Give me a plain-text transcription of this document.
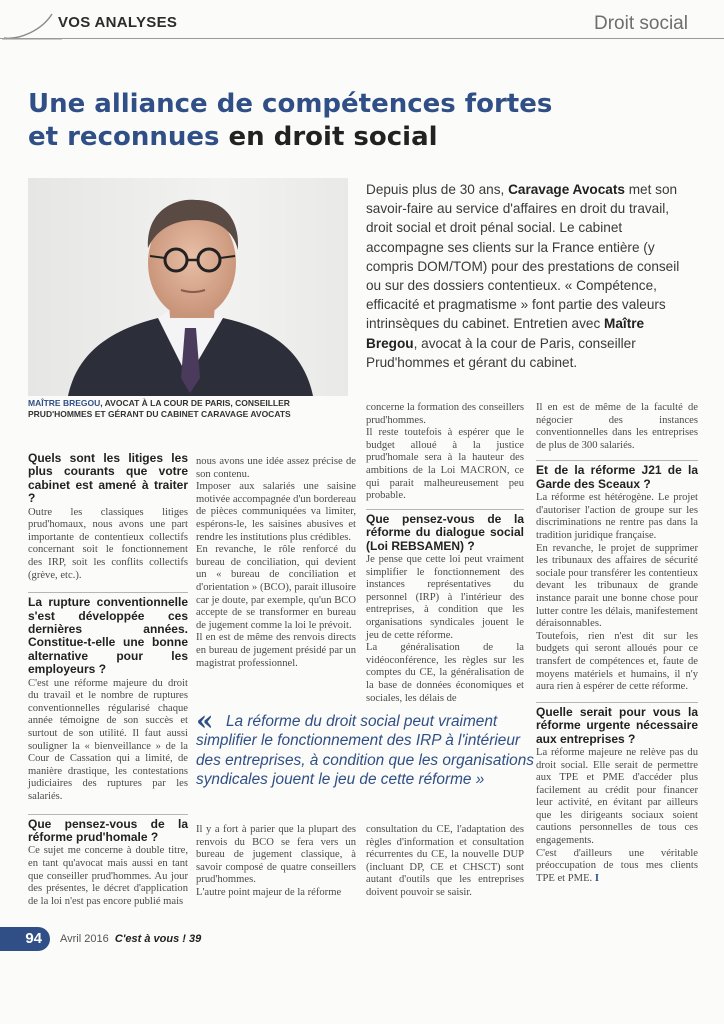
VOS ANALYSES	Droit social
Une alliance de compétences fortes
et reconnues en droit social
MAÎTRE BREGOU, AVOCAT À LA COUR DE PARIS, CONSEILLER PRUD'HOMMES ET GÉRANT DU CABINET CARAVAGE AVOCATS
Depuis plus de 30 ans, Caravage Avocats met son savoir-faire au service d'affaires en droit du travail, droit social et droit pénal social. Le cabinet accompagne ses clients sur la France entière (y compris DOM/TOM) pour des prestations de conseil ou sur des dossiers contentieux. « Compétence, efficacité et pragmatisme » font partie des valeurs intrinsèques du cabinet. Entretien avec Maître Bregou, avocat à la cour de Paris, conseiller Prud'hommes et gérant du cabinet.
Quels sont les litiges les plus courants que votre cabinet est amené à traiter ?

Outre les classiques litiges prud'homaux, nous avons une part importante de contentieux collectifs concernant soit le fonctionnement des IRP, soit les conflits collectifs (grève, etc.).

La rupture conventionnelle s'est développée ces dernières années. Constitue-t-elle une bonne alternative pour les employeurs ?

C'est une réforme majeure du droit du travail et le nombre de ruptures conventionnelles régularisé chaque année témoigne de son succès et surtout de son utilité. Il faut aussi souligner la « bienveillance » de la Cour de Cassation qui a limité, de manière drastique, les contestations judiciaires des ruptures par les salariés.

Que pensez-vous de la réforme prud'homale ?

Ce sujet me concerne à double titre, en tant qu'avocat mais aussi en tant que conseiller prud'hommes. Au jour des présentes, le décret d'application de la loi n'est pas encore publié mais

nous avons une idée assez précise de son contenu.

Imposer aux salariés une saisine motivée accompagnée d'un bordereau de pièces communiquées va limiter, espérons-le, les saisines abusives et rendre les institutions plus crédibles.

En revanche, le rôle renforcé du bureau de conciliation, qui devient un « bureau de conciliation et d'orientation » (BCO), parait illusoire car je doute, par exemple, qu'un BCO accepte de se transformer en bureau de jugement comme la loi le prévoit.

Il en est de même des renvois directs en bureau de jugement présidé par un magistrat professionnel.

Il y a fort à parier que la plupart des renvois du BCO se fera vers un bureau de jugement classique, à savoir composé de quatre conseillers prud'hommes.

L'autre point majeur de la réforme

concerne la formation des conseillers prud'hommes.

Il reste toutefois à espérer que le budget alloué à la justice prud'homale sera à la hauteur des ambitions de la Loi MACRON, ce qui parait malheureusement peu probable.

Que pensez-vous de la réforme du dialogue social (Loi REBSAMEN) ?

Je pense que cette loi peut vraiment simplifier le fonctionnement des instances représentatives du personnel (IRP) à l'intérieur des entreprises, à condition que les organisations syndicales jouent le jeu de cette réforme.

La généralisation de la vidéoconférence, les règles sur les comptes du CE, la généralisation de la base de données économiques et sociales, les délais de

consultation du CE, l'adaptation des règles d'information et consultation récurrentes du CE, la nouvelle DUP (incluant DP, CE et CHSCT) sont autant d'outils que les entreprises doivent pouvoir se saisir.

Il en est de même de la faculté de négocier des instances conventionnelles dans les entreprises de plus de 300 salariés.

Et de la réforme J21 de la Garde des Sceaux ?

La réforme est hétérogène. Le projet d'autoriser l'action de groupe sur les discriminations ne rentre pas dans la tradition juridique française.

En revanche, le projet de supprimer les tribunaux des affaires de sécurité sociale pour transférer les contentieux devant les tribunaux de grande instance parait une bonne chose pour lutter contre les délais, manifestement déraisonnables.

Toutefois, rien n'est dit sur les budgets qui seront alloués pour ce transfert de compétences et, faute de moyens matériels et humains, il n'y aura rien à espérer de cette réforme.

Quelle serait pour vous la réforme urgente nécessaire aux entreprises ?

La réforme majeure ne relève pas du droit social. Elle serait de permettre aux TPE et PME d'accéder plus facilement au crédit pour financer leur activité, en évitant par ailleurs que les dirigeants sociaux soient cautions personnelles de tous ces engagements.

C'est d'ailleurs une véritable préoccupation de tous mes clients TPE et PME. I

« La réforme du droit social peut vraiment simplifier le fonctionnement des IRP à l'intérieur des entreprises, à condition que les organisations syndicales jouent le jeu de cette réforme »
94	Avril 2016 C'est à vous ! 39
